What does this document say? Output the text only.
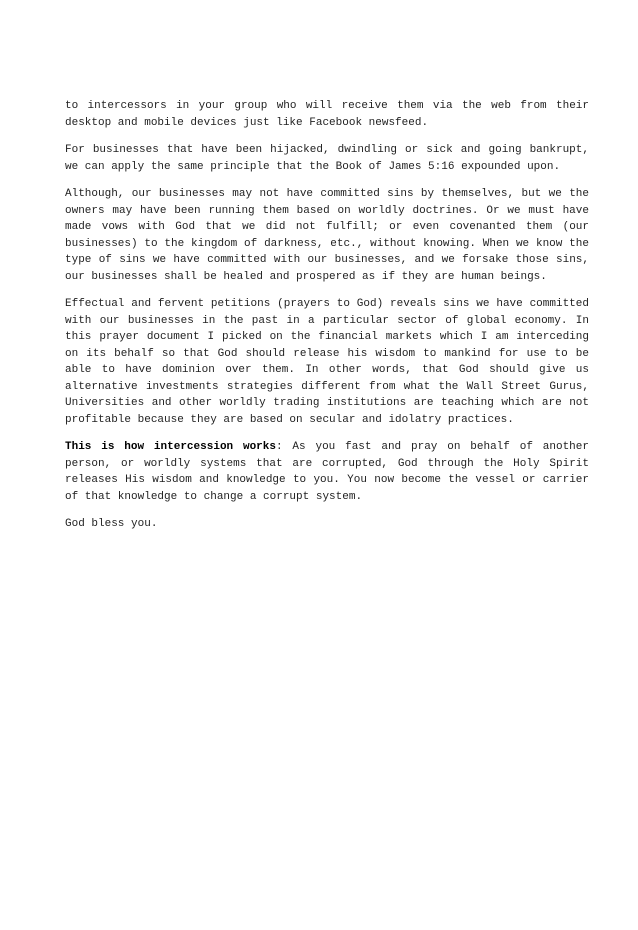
to intercessors in your group who will receive them via the web from their desktop and mobile devices just like Facebook newsfeed.

For businesses that have been hijacked, dwindling or sick and going bankrupt, we can apply the same principle that the Book of James 5:16 expounded upon.

Although, our businesses may not have committed sins by themselves, but we the owners may have been running them based on worldly doctrines. Or we must have made vows with God that we did not fulfill; or even covenanted them (our businesses) to the kingdom of darkness, etc., without knowing. When we know the type of sins we have committed with our businesses, and we forsake those sins, our businesses shall be healed and prospered as if they are human beings.

Effectual and fervent petitions (prayers to God) reveals sins we have committed with our businesses in the past in a particular sector of global economy. In this prayer document I picked on the financial markets which I am interceding on its behalf so that God should release his wisdom to mankind for use to be able to have dominion over them. In other words, that God should give us alternative investments strategies different from what the Wall Street Gurus, Universities and other worldly trading institutions are teaching which are not profitable because they are based on secular and idolatry practices.

This is how intercession works: As you fast and pray on behalf of another person, or worldly systems that are corrupted, God through the Holy Spirit releases His wisdom and knowledge to you. You now become the vessel or carrier of that knowledge to change a corrupt system.

God bless you.
